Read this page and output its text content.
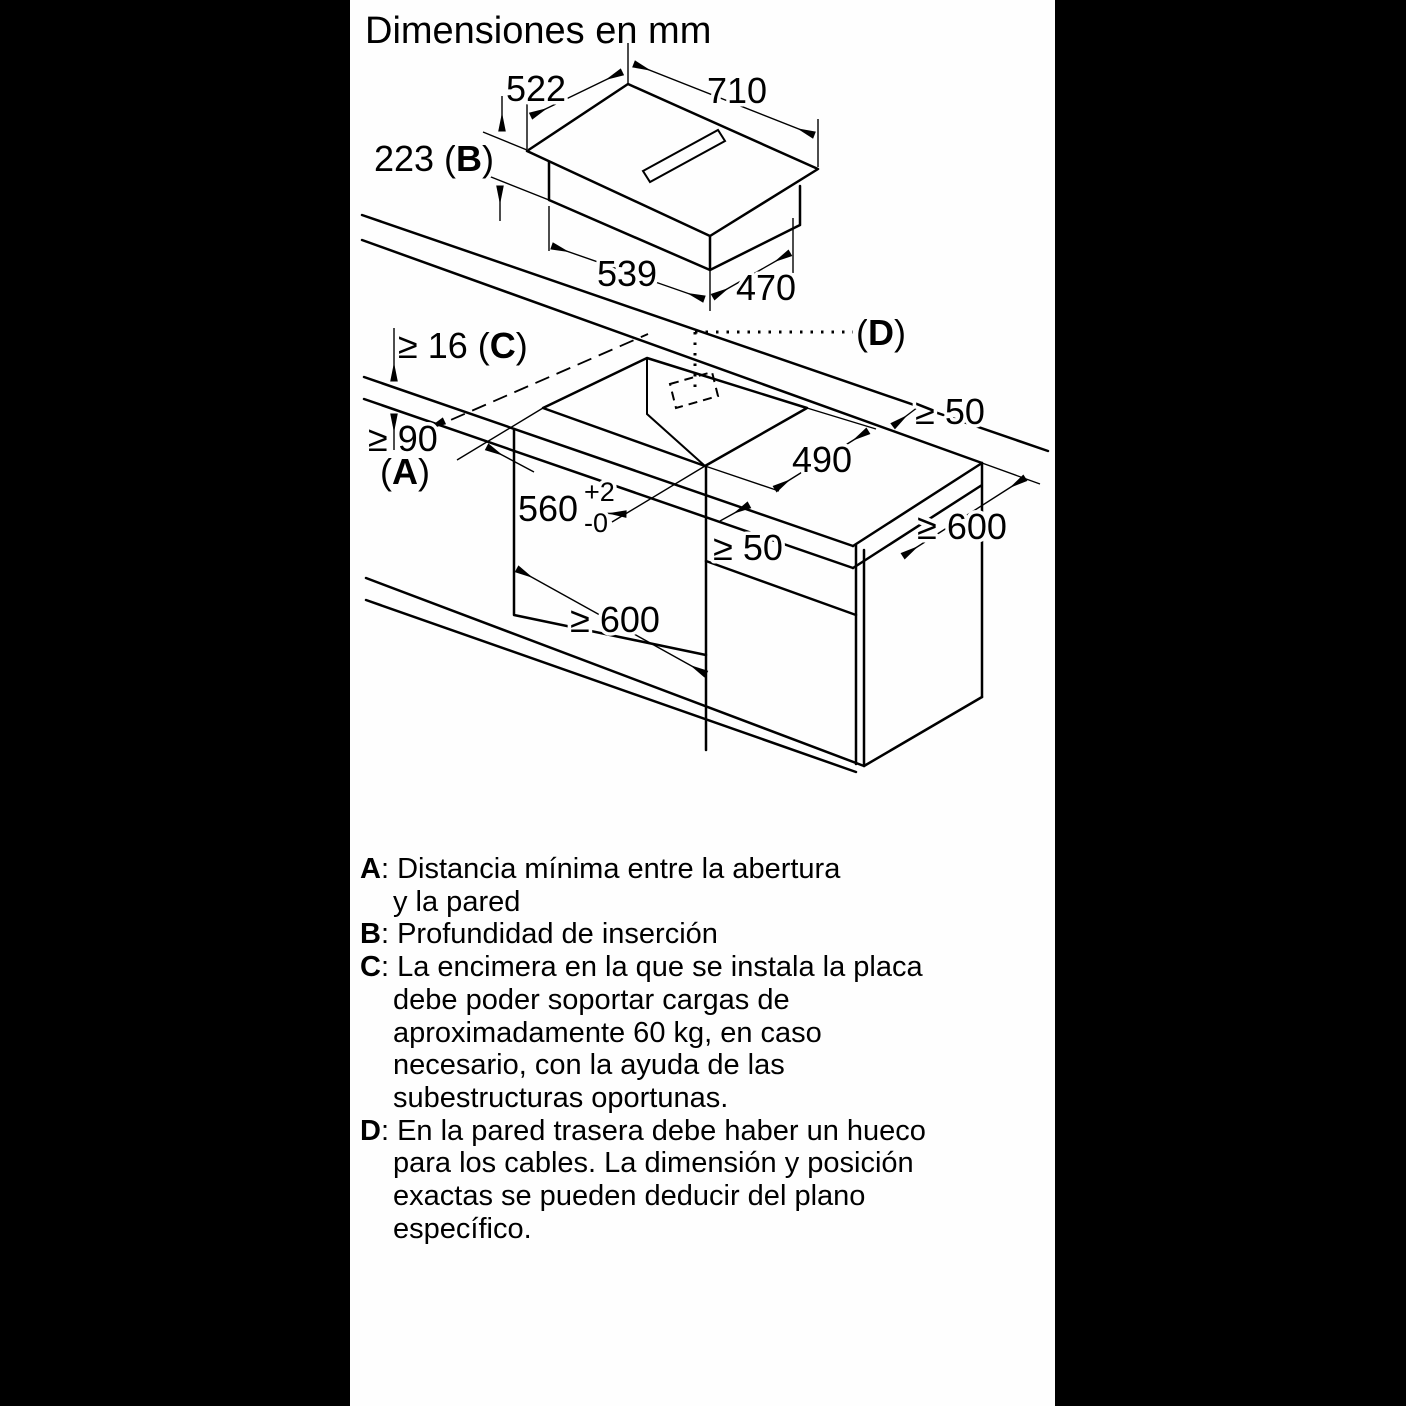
Dimensiones en mm
522	710
223 (B)
539 470
≥ 16 (C)
≥ 90 (A)
560 +2 -0
490
≥ 50
≥ 50
≥ 600
≥ 600
(D)
A: Distancia mínima entre la abertura
y la pared
B: Profundidad de inserción
C: La encimera en la que se instala la placa
debe poder soportar cargas de
aproximadamente 60 kg, en caso
necesario, con la ayuda de las
subestructuras oportunas.
D: En la pared trasera debe haber un hueco
para los cables. La dimensión y posición
exactas se pueden deducir del plano
específico.
